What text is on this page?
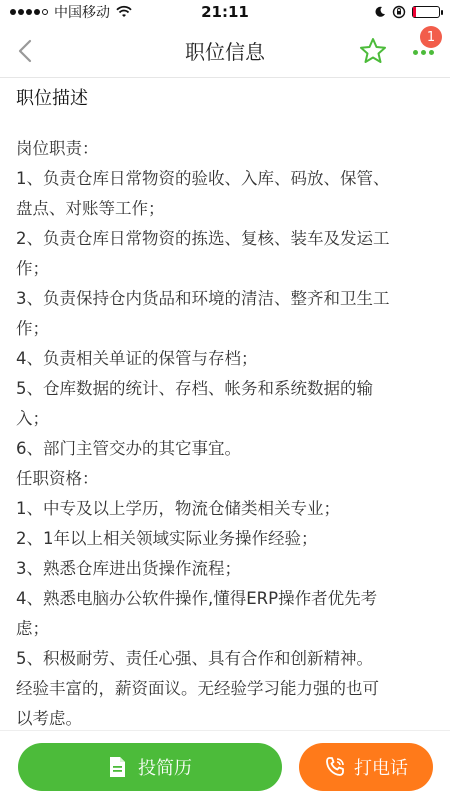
中国移动	21:11
职位信息
1
职位描述
岗位职责：
1、负责仓库日常物资的验收、入库、码放、保管、
盘点、对账等工作；
2、负责仓库日常物资的拣选、复核、装车及发运工
作；
3、负责保持仓内货品和环境的清洁、整齐和卫生工
作；
4、负责相关单证的保管与存档；
5、仓库数据的统计、存档、帐务和系统数据的输
入；
6、部门主管交办的其它事宜。
任职资格：
1、中专及以上学历，物流仓储类相关专业；
2、1年以上相关领域实际业务操作经验；
3、熟悉仓库进出货操作流程；
4、熟悉电脑办公软件操作,懂得ERP操作者优先考
虑；
5、积极耐劳、责任心强、具有合作和创新精神。
经验丰富的，薪资面议。无经验学习能力强的也可
以考虑。
投简历	打电话
